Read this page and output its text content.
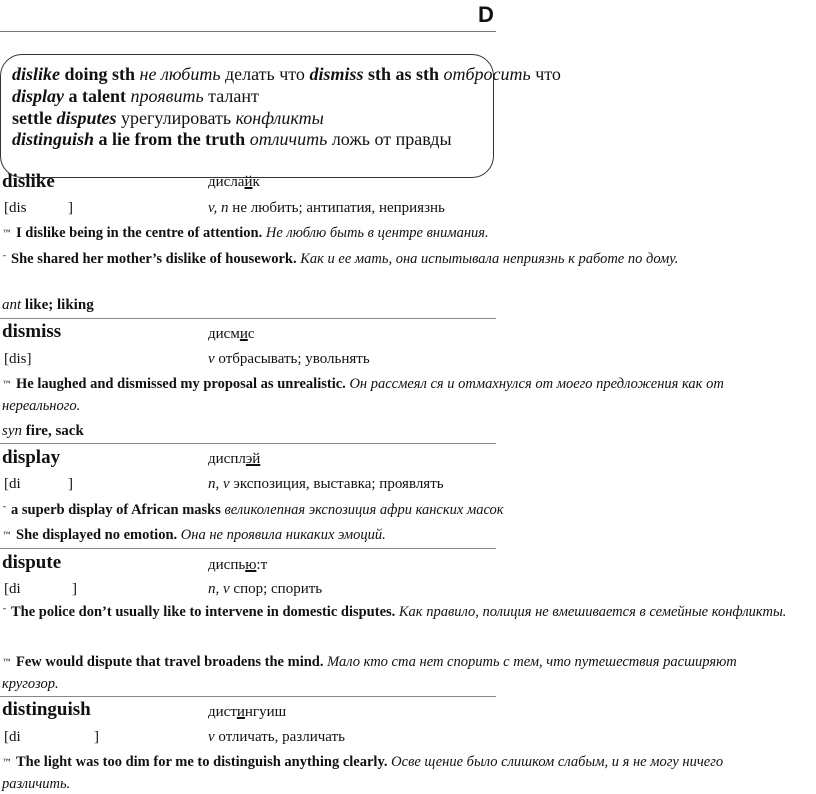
D
dislike doing sth не любить делать что dismiss sth as sth отбросить что
display a talent проявить талант
settle disputes урегулировать конфликты
distinguish a lie from the truth отличить ложь от правды
dislike	дислайк
[dis	]	v, n не любить; антипатия, неприязнь
™ I dislike being in the centre of attention. Не люблю быть в центре внимания.
ˉ She shared her mother’s dislike of housework. Как и ее мать, она испытывала неприязнь к работе по дому.
ant like; liking
dismiss	дисмис
[dis]	v отбрасывать; увольнять
™ He laughed and dismissed my proposal as unrealistic. Он рассмеял ся и отмахнулся от моего предложения как от нереального.
syn fire, sack
display	дисплэй
[di	]	n, v экспозиция, выставка; проявлять
ˉ a superb display of African masks великолепная экспозиция афри канских масок
™ She displayed no emotion. Она не проявила никаких эмоций.
dispute	диспью:т
[di	]	n, v спор; спорить
ˉ The police don’t usually like to intervene in domestic disputes. Как правило, полиция не вмешивается в семейные конфликты.
™ Few would dispute that travel broadens the mind. Мало кто ста нет спорить с тем, что путешествия расширяют кругозор.
distinguish	дистингуиш
[di	]	v отличать, различать
™ The light was too dim for me to distinguish anything clearly. Осве щение было слишком слабым, и я не могу ничего различить.
